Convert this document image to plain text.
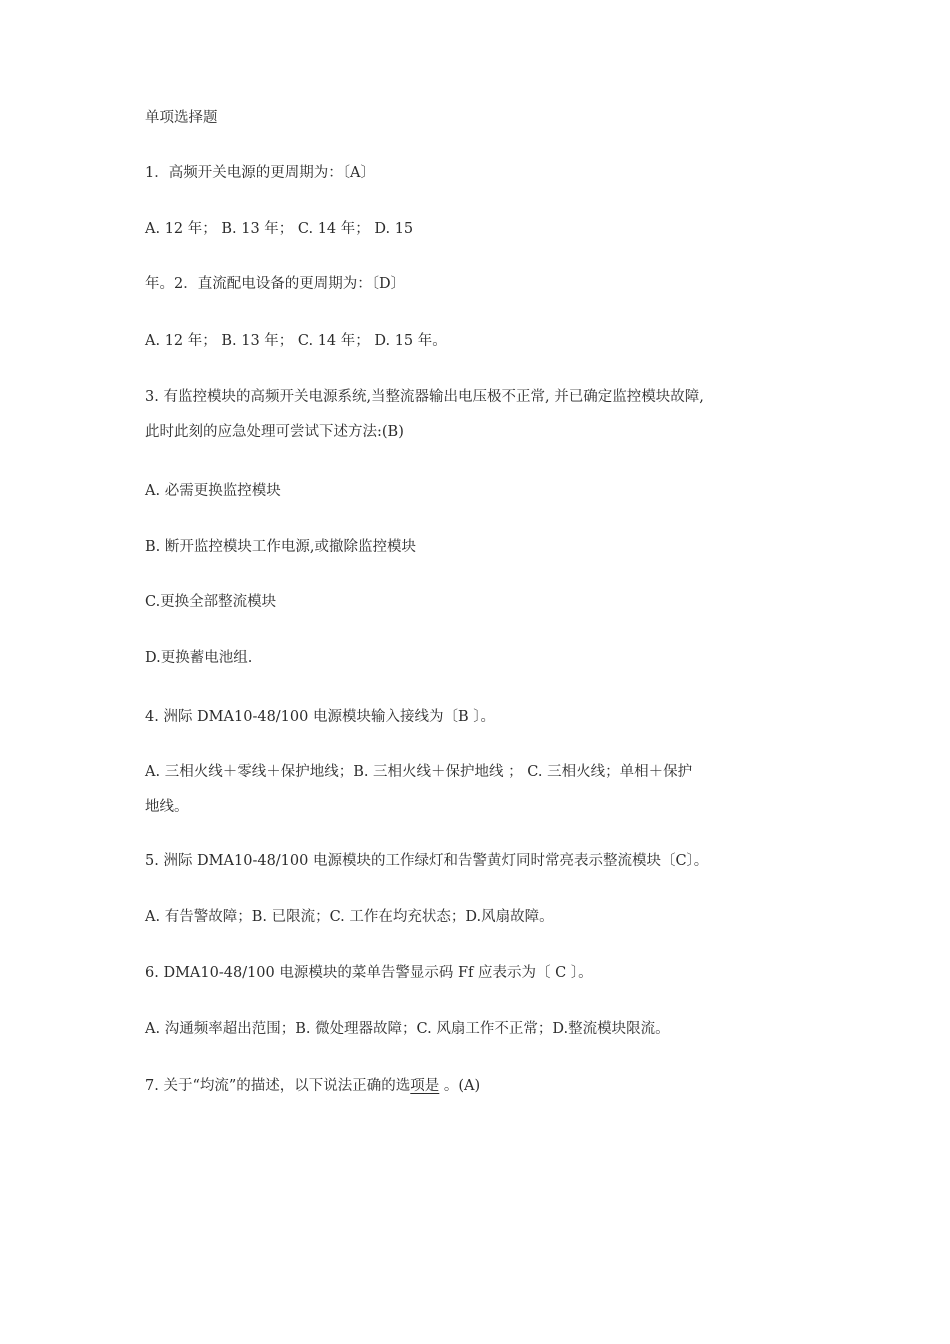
单项选择题
1．高频开关电源的更周期为：〔A〕
A. 12 年； B. 13 年； C. 14 年； D. 15
年。2．直流配电设备的更周期为：〔D〕
A. 12 年； B. 13 年； C. 14 年； D. 15 年。
3. 有监控模块的高频开关电源系统,当整流器输出电压极不正常, 并已确定监控模块故障,
此时此刻的应急处理可尝试下述方法:(B)
A. 必需更换监控模块
B. 断开监控模块工作电源,或撤除监控模块
C.更换全部整流模块
D.更换蓄电池组.
4. 洲际 DMA10-48/100 电源模块输入接线为〔B 〕。
A. 三相火线＋零线＋保护地线；B. 三相火线＋保护地线 ； C. 三相火线；单相＋保护
地线。
5. 洲际 DMA10-48/100 电源模块的工作绿灯和告警黄灯同时常亮表示整流模块〔C〕。
A. 有告警故障；B. 已限流；C. 工作在均充状态；D.风扇故障。
6. DMA10-48/100 电源模块的菜单告警显示码 Ff 应表示为〔 C 〕。
A. 沟通频率超出范围；B. 微处理器故障；C. 风扇工作不正常；D.整流模块限流。
7. 关于“均流”的描述，以下说法正确的选项是 。(A)
